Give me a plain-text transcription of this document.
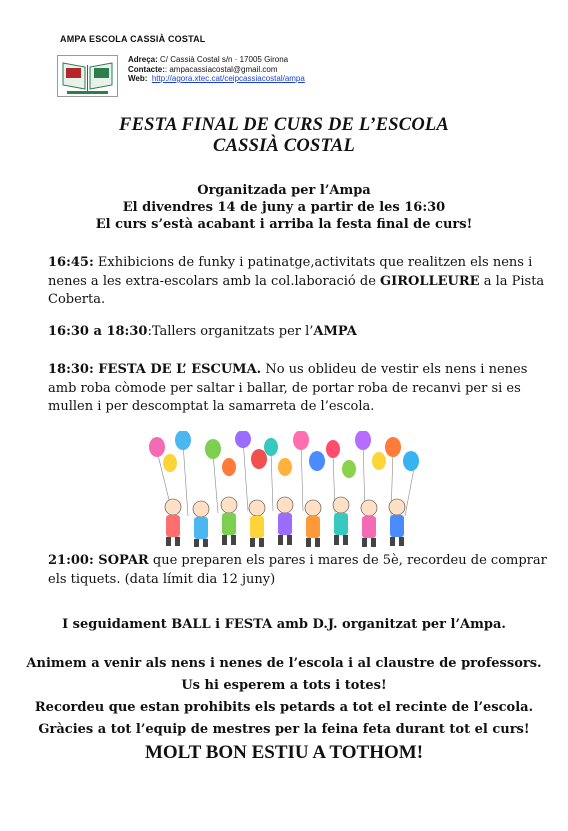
AMPA ESCOLA CASSIÀ COSTAL
Adreça: C/ Cassià Costal s/n · 17005 Girona
Contacte:: ampacassiacostal@gmail.com
Web: http://agora.xtec.cat/ceipcassiacostal/ampa
FESTA FINAL DE CURS DE L’ESCOLA
CASSIÀ COSTAL
Organitzada per l’Ampa
El divendres 14 de juny a partir de les 16:30
El curs s’està acabant i arriba la festa final de curs!
16:45: Exhibicions de funky i patinatge,activitats que realitzen els nens i nenes a les extra-escolars amb la col.laboració de GIROLLEURE a la Pista Coberta.
16:30 a 18:30:Tallers organitzats per l’AMPA
18:30: FESTA DE L’ ESCUMA. No us oblideu de vestir els nens i nenes amb roba còmode per saltar i ballar, de portar roba de recanvi per si es mullen i per descomptat la samarreta de l’escola.
21:00: SOPAR que preparen els pares i mares de 5è, recordeu de comprar els tiquets. (data límit dia 12 juny)
I seguidament BALL i FESTA amb D.J. organitzat per l’Ampa.
Animem a venir als nens i nenes de l’escola i al claustre de professors.
Us hi esperem a tots i totes!
Recordeu que estan prohibits els petards a tot el recinte de l’escola.
Gràcies a tot l’equip de mestres per la feina feta durant tot el curs!
MOLT BON ESTIU A TOTHOM!
